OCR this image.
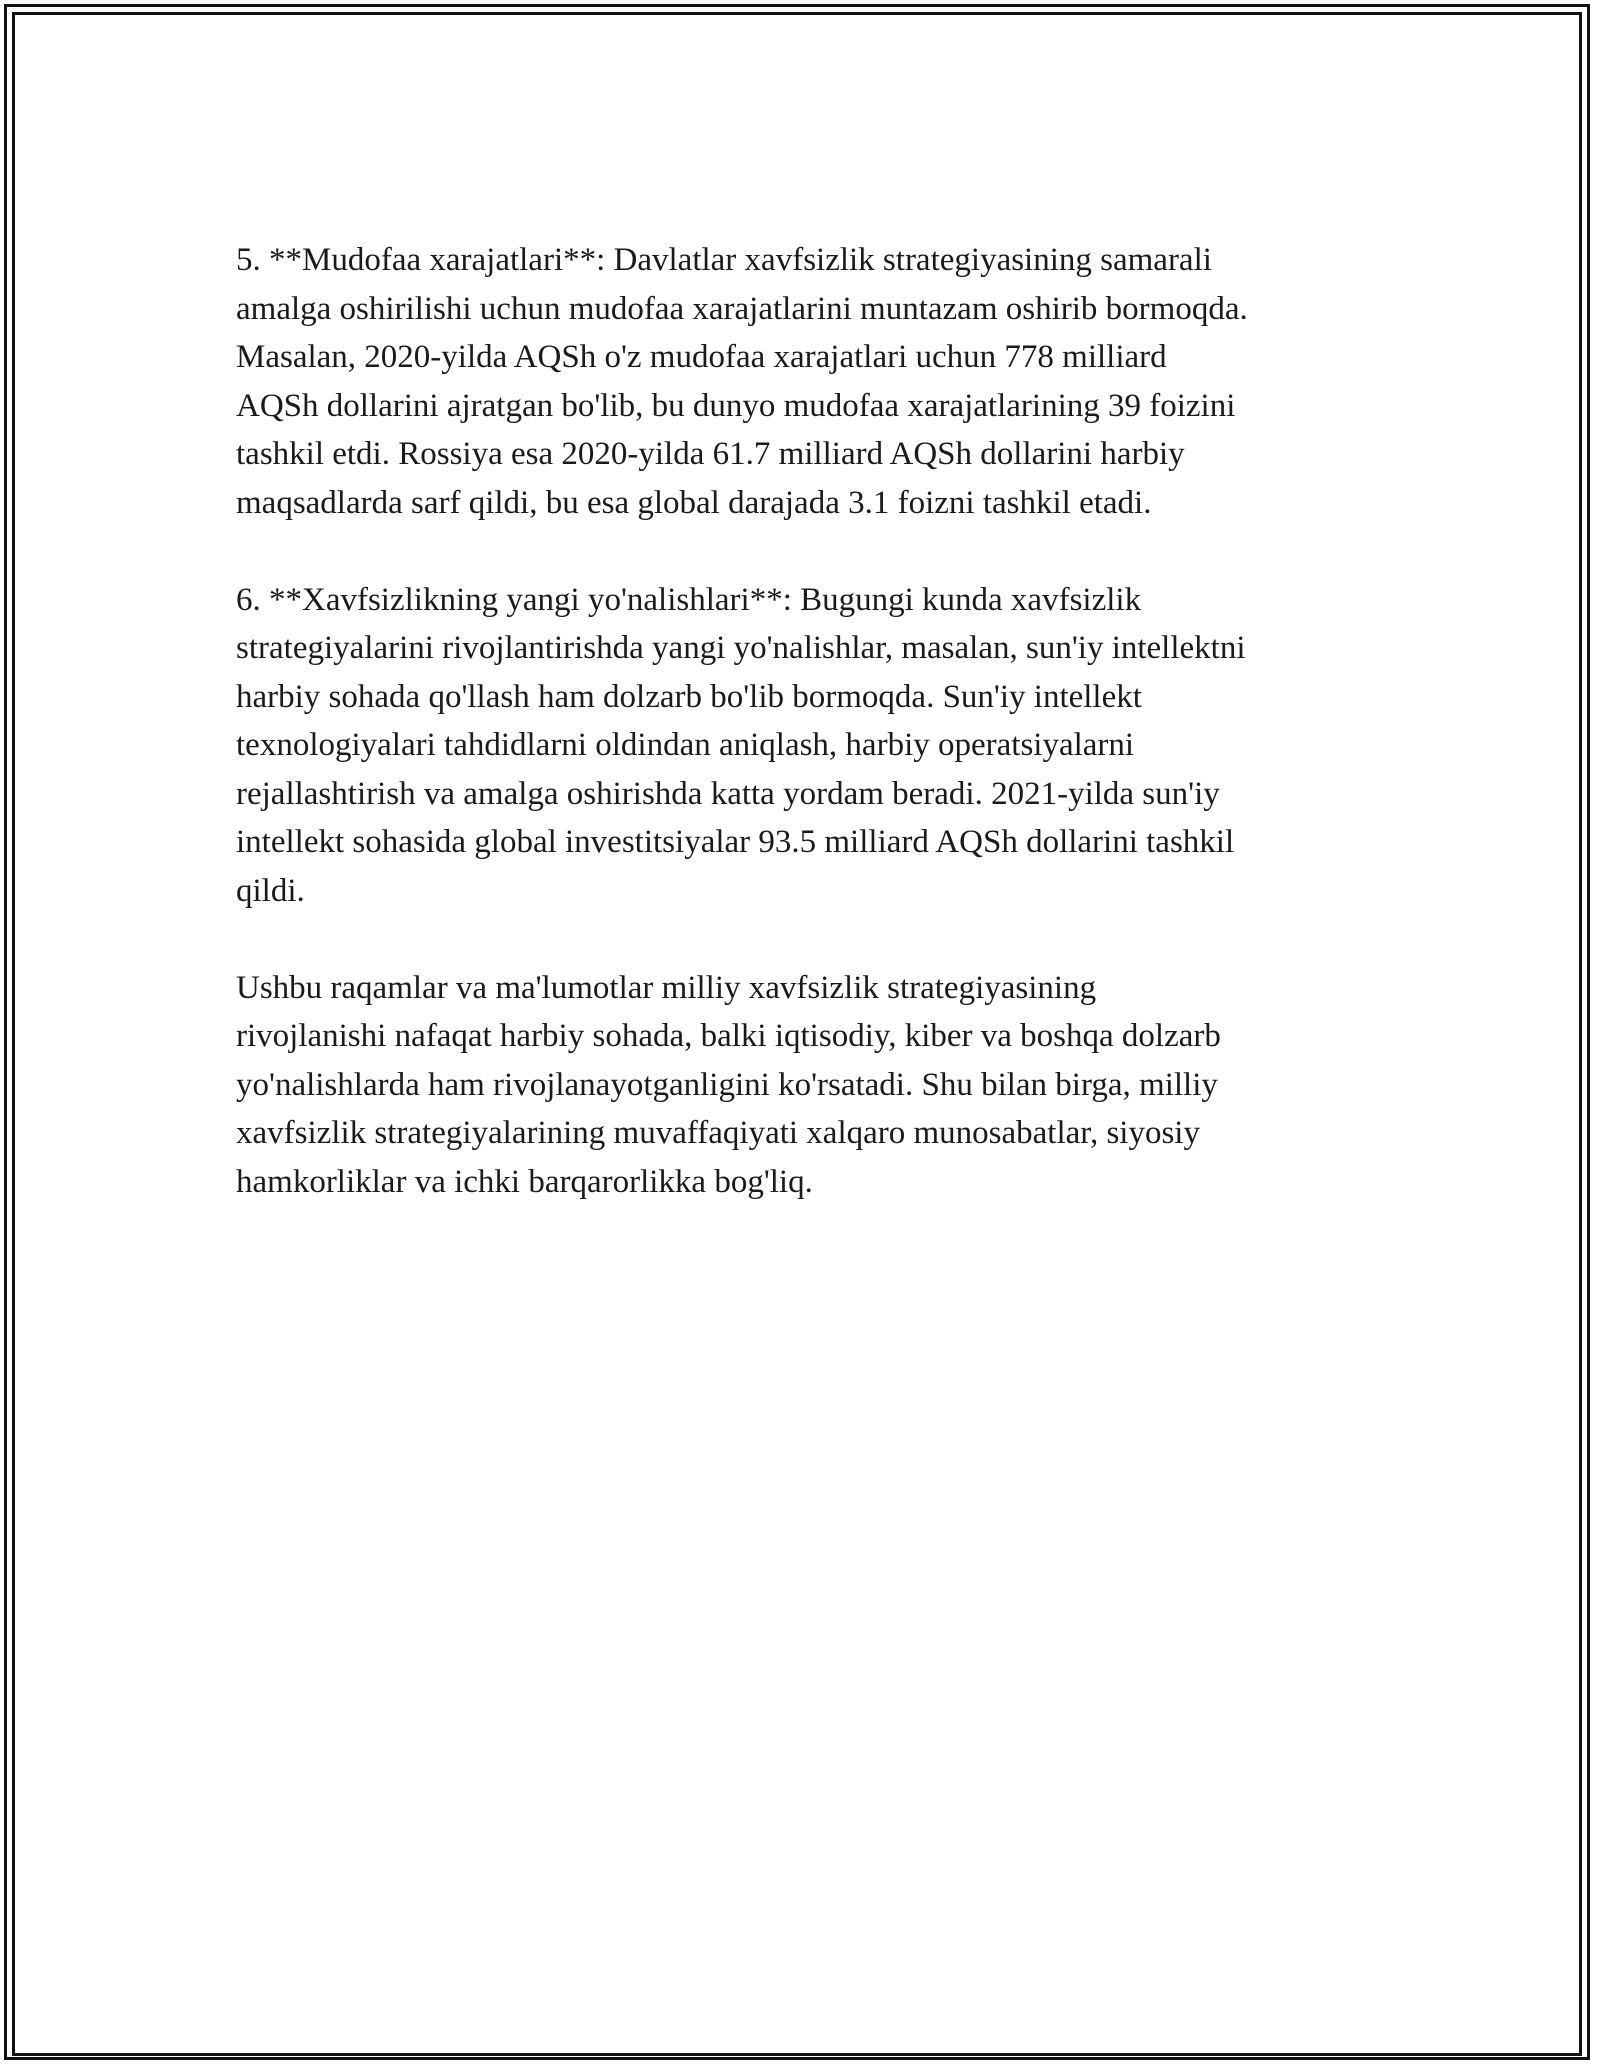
5. **Mudofaa xarajatlari**: Davlatlar xavfsizlik strategiyasining samarali
amalga oshirilishi uchun mudofaa xarajatlarini muntazam oshirib bormoqda.
Masalan, 2020-yilda AQSh o'z mudofaa xarajatlari uchun 778 milliard
AQSh dollarini ajratgan bo'lib, bu dunyo mudofaa xarajatlarining 39 foizini
tashkil etdi. Rossiya esa 2020-yilda 61.7 milliard AQSh dollarini harbiy
maqsadlarda sarf qildi, bu esa global darajada 3.1 foizni tashkil etadi.

6. **Xavfsizlikning yangi yo'nalishlari**: Bugungi kunda xavfsizlik
strategiyalarini rivojlantirishda yangi yo'nalishlar, masalan, sun'iy intellektni
harbiy sohada qo'llash ham dolzarb bo'lib bormoqda. Sun'iy intellekt
texnologiyalari tahdidlarni oldindan aniqlash, harbiy operatsiyalarni
rejallashtirish va amalga oshirishda katta yordam beradi. 2021-yilda sun'iy
intellekt sohasida global investitsiyalar 93.5 milliard AQSh dollarini tashkil
qildi.

Ushbu raqamlar va ma'lumotlar milliy xavfsizlik strategiyasining
rivojlanishi nafaqat harbiy sohada, balki iqtisodiy, kiber va boshqa dolzarb
yo'nalishlarda ham rivojlanayotganligini ko'rsatadi. Shu bilan birga, milliy
xavfsizlik strategiyalarining muvaffaqiyati xalqaro munosabatlar, siyosiy
hamkorliklar va ichki barqarorlikka bog'liq.
